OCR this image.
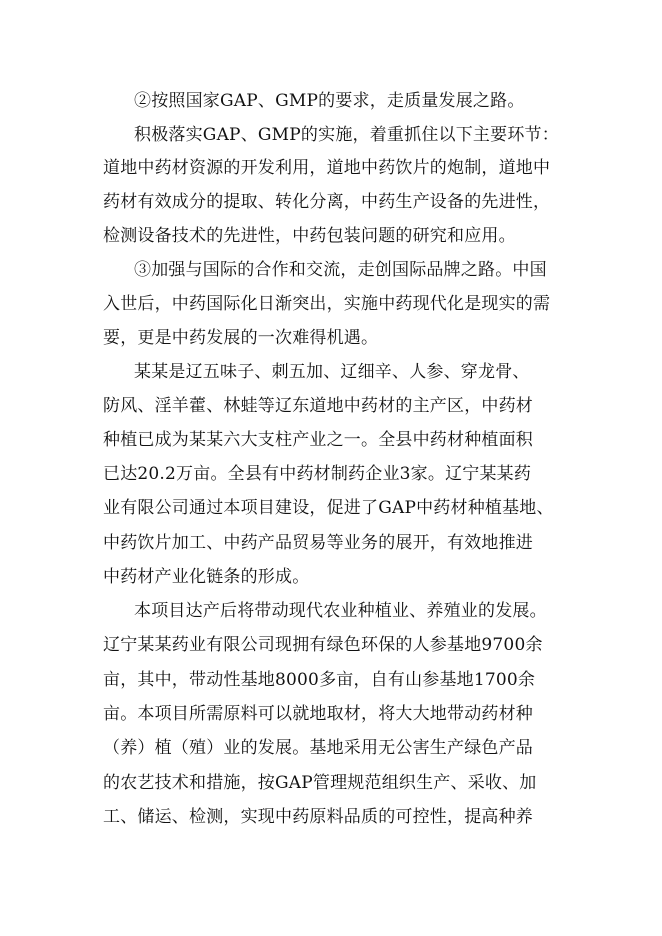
②按照国家GAP、GMP的要求，走质量发展之路。

积极落实GAP、GMP的实施，着重抓住以下主要环节：

道地中药材资源的开发利用，道地中药饮片的炮制，道地中

药材有效成分的提取、转化分离，中药生产设备的先进性，

检测设备技术的先进性，中药包装问题的研究和应用。

③加强与国际的合作和交流，走创国际品牌之路。中国

入世后，中药国际化日渐突出，实施中药现代化是现实的需

要，更是中药发展的一次难得机遇。

某某是辽五味子、刺五加、辽细辛、人参、穿龙骨、

防风、淫羊藿、林蛙等辽东道地中药材的主产区，中药材

种植已成为某某六大支柱产业之一。全县中药材种植面积

已达20.2万亩。全县有中药材制药企业3家。辽宁某某药

业有限公司通过本项目建设，促进了GAP中药材种植基地、

中药饮片加工、中药产品贸易等业务的展开，有效地推进

中药材产业化链条的形成。

本项目达产后将带动现代农业种植业、养殖业的发展。

辽宁某某药业有限公司现拥有绿色环保的人参基地9700余

亩，其中，带动性基地8000多亩，自有山参基地1700余

亩。本项目所需原料可以就地取材，将大大地带动药材种

（养）植（殖）业的发展。基地采用无公害生产绿色产品

的农艺技术和措施，按GAP管理规范组织生产、采收、加

工、储运、检测，实现中药原料品质的可控性，提高种养
